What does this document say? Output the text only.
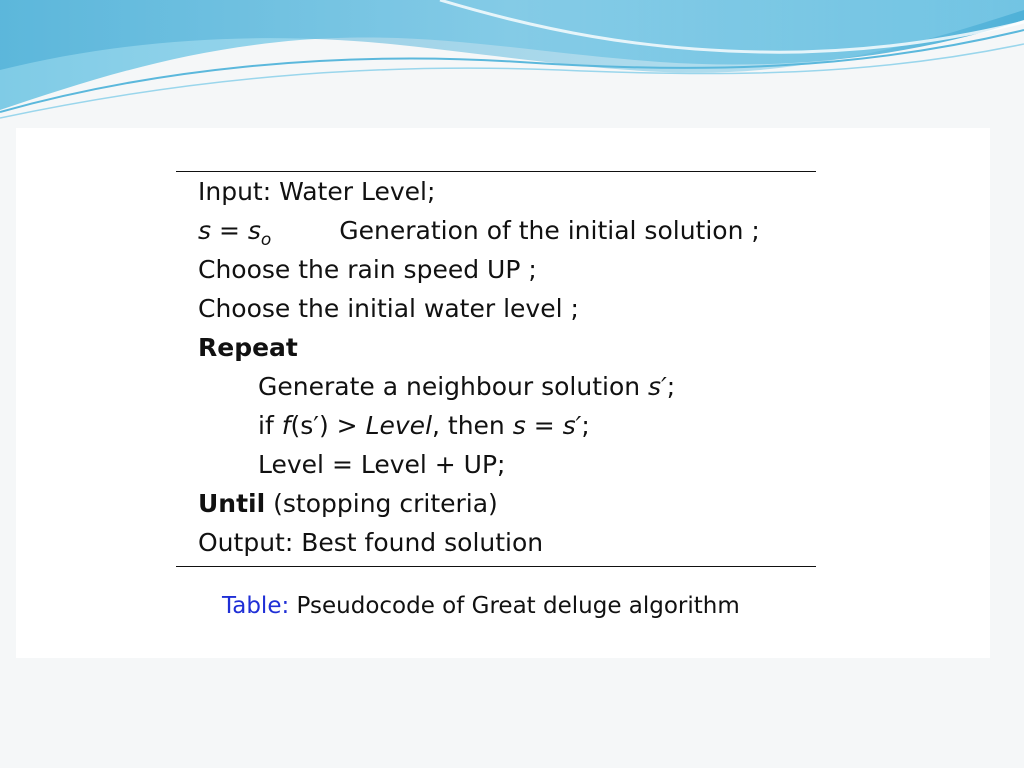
Input: Water Level;
$s = s_o$	Generation of the initial solution ;
Choose the rain speed UP ;
Choose the initial water level ;
Repeat
Generate a neighbour solution s′;
if f(s′) > Level, then s = s′;
Level = Level + UP;
Until (stopping criteria)
Output: Best found solution
Table: Pseudocode of Great deluge algorithm
